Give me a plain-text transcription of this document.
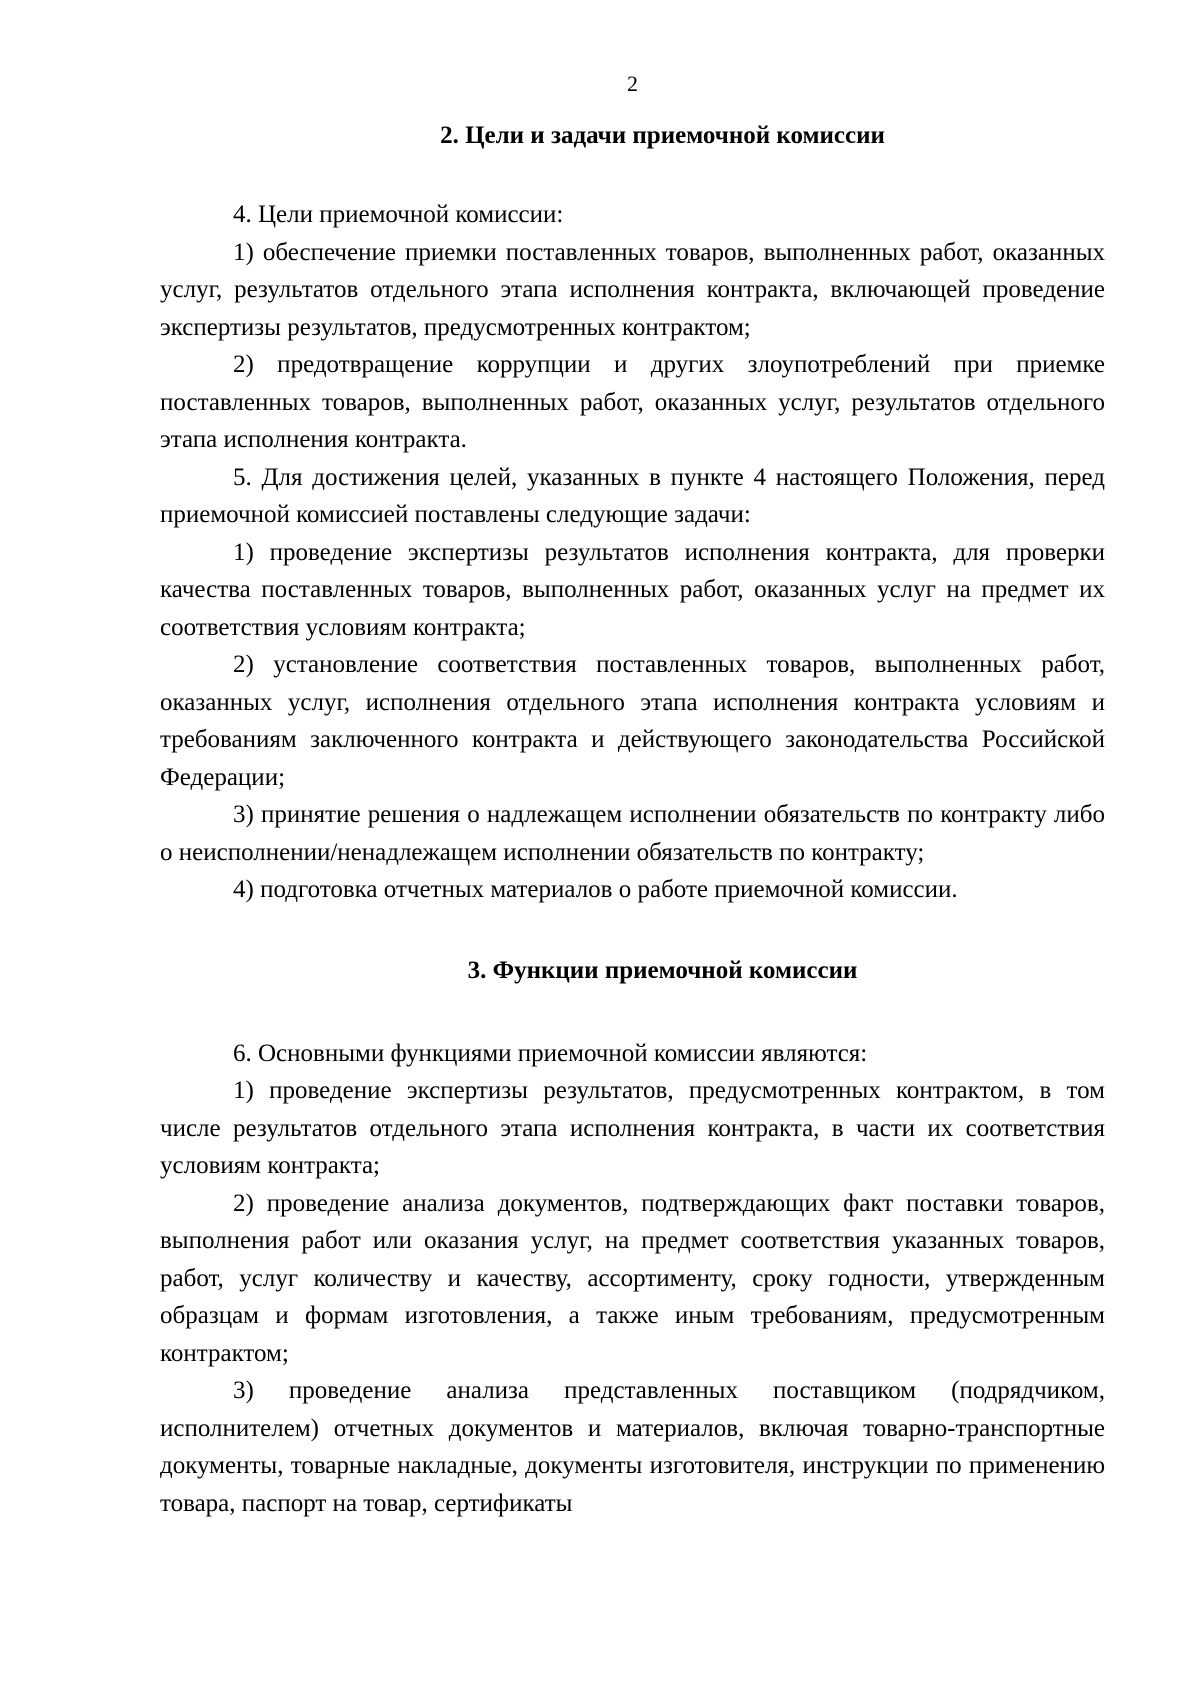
2
2. Цели и задачи приемочной комиссии

4. Цели приемочной комиссии:

1) обеспечение приемки поставленных товаров, выполненных работ, оказанных услуг, результатов отдельного этапа исполнения контракта, включающей проведение экспертизы результатов, предусмотренных контрактом;

2) предотвращение коррупции и других злоупотреблений при приемке поставленных товаров, выполненных работ, оказанных услуг, результатов отдельного этапа исполнения контракта.

5. Для достижения целей, указанных в пункте 4 настоящего Положения, перед приемочной комиссией поставлены следующие задачи:

1) проведение экспертизы результатов исполнения контракта, для проверки качества поставленных товаров, выполненных работ, оказанных услуг на предмет их соответствия условиям контракта;

2) установление соответствия поставленных товаров, выполненных работ, оказанных услуг, исполнения отдельного этапа исполнения контракта условиям и требованиям заключенного контракта и действующего законодательства Российской Федерации;

3) принятие решения о надлежащем исполнении обязательств по контракту либо о неисполнении/ненадлежащем исполнении обязательств по контракту;

4) подготовка отчетных материалов о работе приемочной комиссии.

3. Функции приемочной комиссии

6. Основными функциями приемочной комиссии являются:

1) проведение экспертизы результатов, предусмотренных контрактом, в том числе результатов отдельного этапа исполнения контракта, в части их соответствия условиям контракта;

2) проведение анализа документов, подтверждающих факт поставки товаров, выполнения работ или оказания услуг, на предмет соответствия указанных товаров, работ, услуг количеству и качеству, ассортименту, сроку годности, утвержденным образцам и формам изготовления, а также иным требованиям, предусмотренным контрактом;

3) проведение анализа представленных поставщиком (подрядчиком, исполнителем) отчетных документов и материалов, включая товарно-транспортные документы, товарные накладные, документы изготовителя, инструкции по применению товара, паспорт на товар, сертификаты
